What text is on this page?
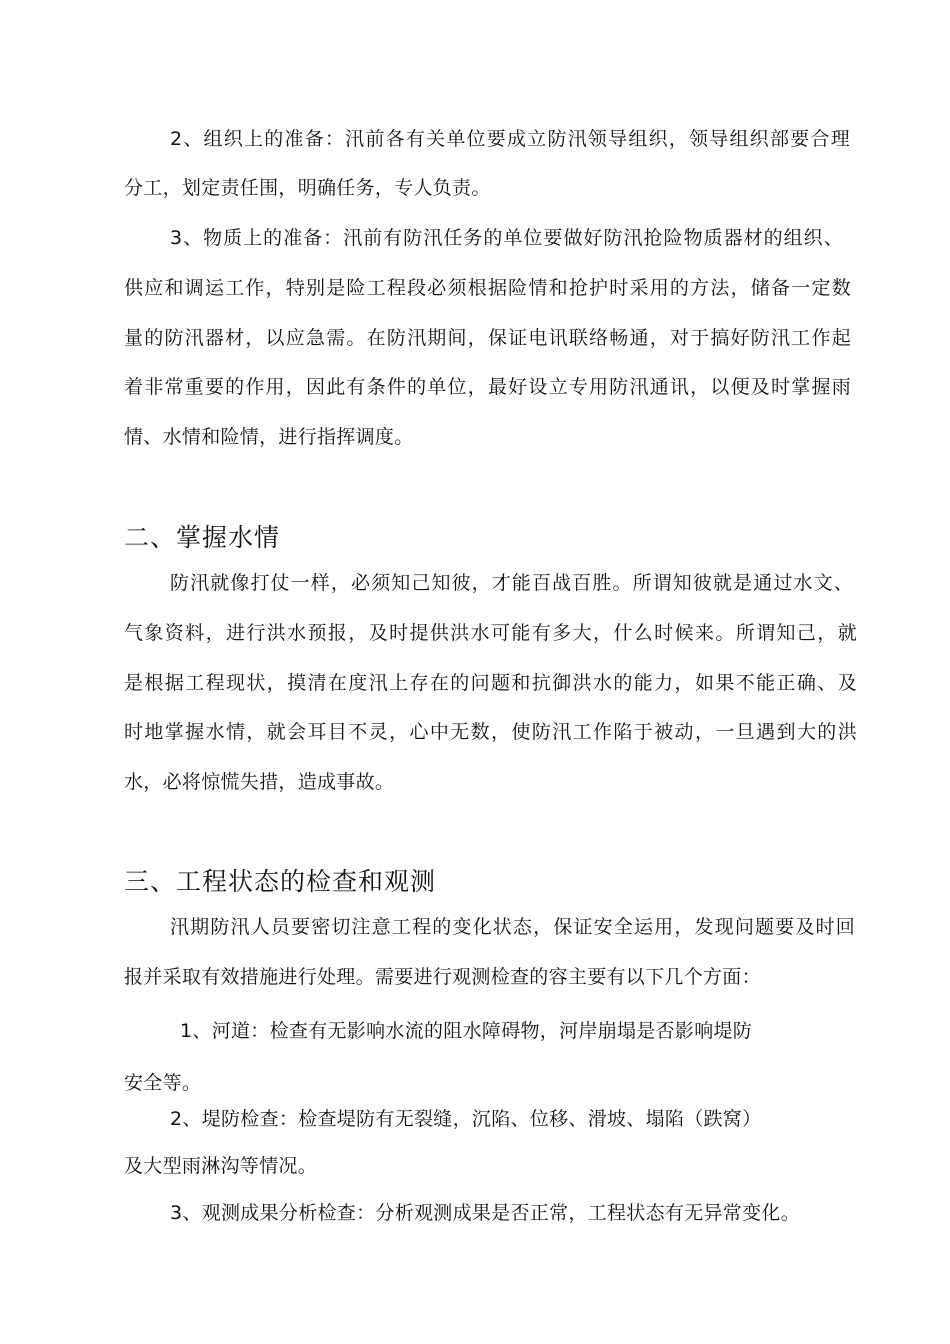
2、组织上的准备：汛前各有关单位要成立防汛领导组织，领导组织部要合理
分工，划定责任围，明确任务，专人负责。
3、物质上的准备：汛前有防汛任务的单位要做好防汛抢险物质器材的组织、
供应和调运工作，特别是险工程段必须根据险情和抢护时采用的方法，储备一定数
量的防汛器材，以应急需。在防汛期间，保证电讯联络畅通，对于搞好防汛工作起
着非常重要的作用，因此有条件的单位，最好设立专用防汛通讯，以便及时掌握雨
情、水情和险情，进行指挥调度。
二、掌握水情
防汛就像打仗一样，必须知己知彼，才能百战百胜。所谓知彼就是通过水文、
气象资料，进行洪水预报，及时提供洪水可能有多大，什么时候来。所谓知己，就
是根据工程现状，摸清在度汛上存在的问题和抗御洪水的能力，如果不能正确、及
时地掌握水情，就会耳目不灵，心中无数，使防汛工作陷于被动，一旦遇到大的洪
水，必将惊慌失措，造成事故。
三、工程状态的检查和观测
汛期防汛人员要密切注意工程的变化状态，保证安全运用，发现问题要及时回
报并采取有效措施进行处理。需要进行观测检查的容主要有以下几个方面：
1、河道：检查有无影响水流的阻水障碍物，河岸崩塌是否影响堤防
安全等。
2、堤防检查：检查堤防有无裂缝，沉陷、位移、滑坡、塌陷（跌窝）
及大型雨淋沟等情况。
3、观测成果分析检查：分析观测成果是否正常，工程状态有无异常变化。
